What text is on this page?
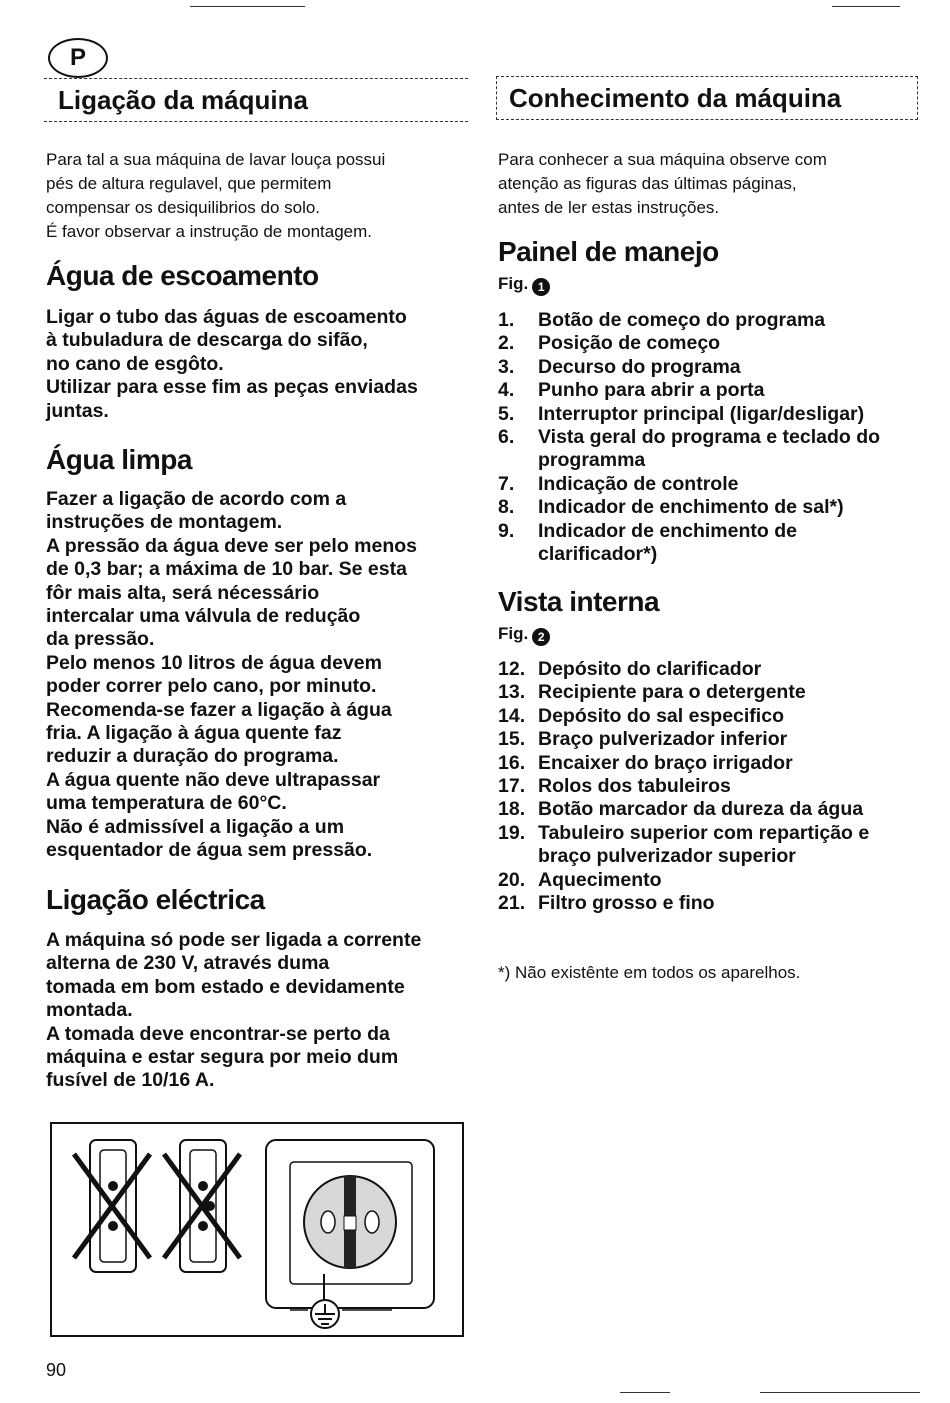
P
Ligação da máquina
Para tal a sua máquina de lavar louça possui
pés de altura regulavel, que permitem
compensar os desiquilibrios do solo.
É favor observar a instrução de montagem.
Água de escoamento
Ligar o tubo das águas de escoamento
à tubuladura de descarga do sifão,
no cano de esgôto.
Utilizar para esse fim as peças enviadas
juntas.
Água limpa
Fazer a ligação de acordo com a
instruções de montagem.
A pressão da água deve ser pelo menos
de 0,3 bar; a máxima de 10 bar. Se esta
fôr mais alta, será nécessário
intercalar uma válvula de redução
da pressão.
Pelo menos 10 litros de água devem
poder correr pelo cano, por minuto.
Recomenda-se fazer a ligação à água
fria. A ligação à água quente faz
reduzir a duração do programa.
A água quente não deve ultrapassar
uma temperatura de 60°C.
Não é admissível a ligação a um
esquentador de água sem pressão.
Ligação eléctrica
A máquina só pode ser ligada a corrente
alterna de 230 V, através duma
tomada em bom estado e devidamente
montada.
A tomada deve encontrar-se perto da
máquina e estar segura por meio dum
fusível de 10/16 A.
Conhecimento da máquina
Para conhecer a sua máquina observe com
atenção as figuras das últimas páginas,
antes de ler estas instruções.
Painel de manejo
Fig. 1
1. Botão de começo do programa
2. Posição de começo
3. Decurso do programa
4. Punho para abrir a porta
5. Interruptor principal (ligar/desligar)
6. Vista geral do programa e teclado do programma
7. Indicação de controle
8. Indicador de enchimento de sal*)
9. Indicador de enchimento de clarificador*)
Vista interna
Fig. 2
12. Depósito do clarificador
13. Recipiente para o detergente
14. Depósito do sal especifico
15. Braço pulverizador inferior
16. Encaixer do braço irrigador
17. Rolos dos tabuleiros
18. Botão marcador da dureza da água
19. Tabuleiro superior com repartição e braço pulverizador superior
20. Aquecimento
21. Filtro grosso e fino
*) Não existênte em todos os aparelhos.
90
